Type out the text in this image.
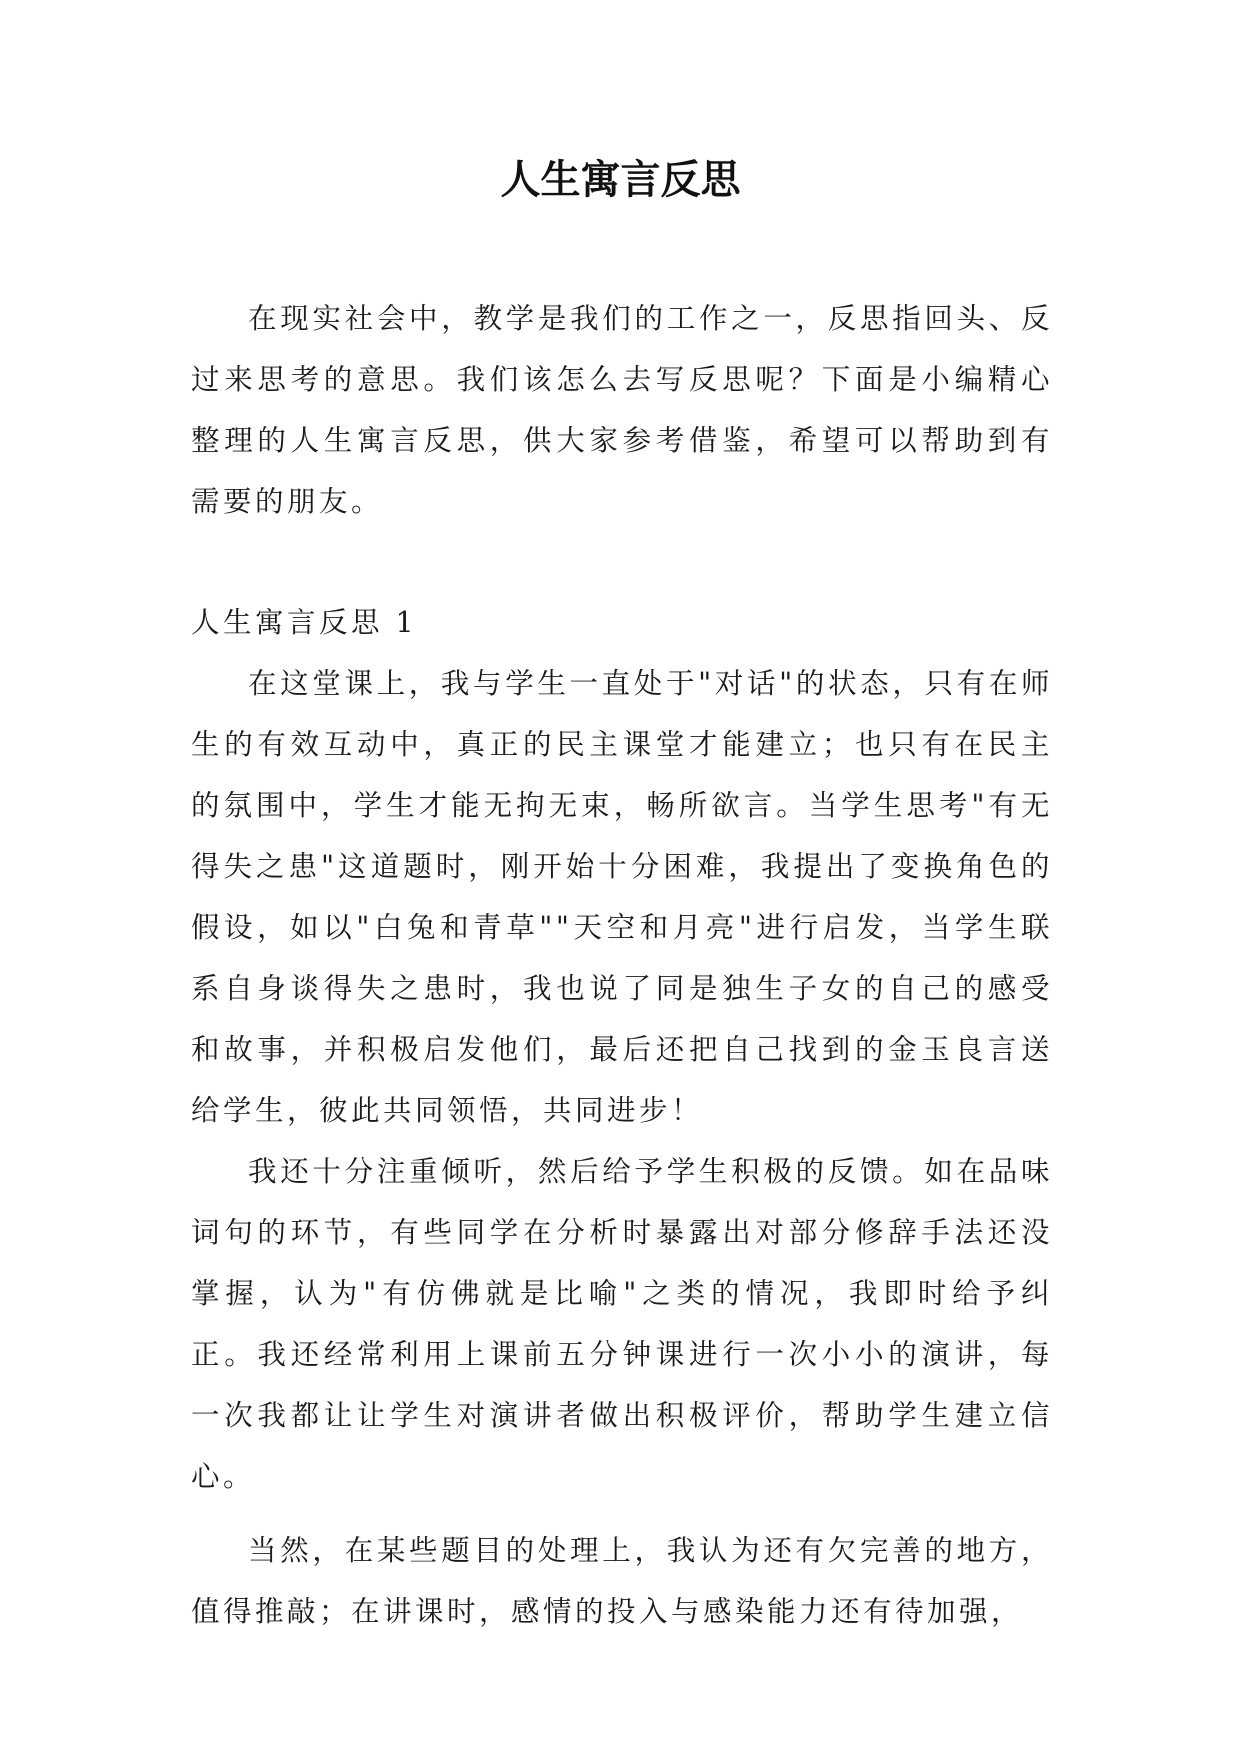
人生寓言反思

在现实社会中，教学是我们的工作之一，反思指回头、反过来思考的意思。我们该怎么去写反思呢？下面是小编精心整理的人生寓言反思，供大家参考借鉴，希望可以帮助到有需要的朋友。

人生寓言反思 1

在这堂课上，我与学生一直处于"对话"的状态，只有在师生的有效互动中，真正的民主课堂才能建立；也只有在民主的氛围中，学生才能无拘无束，畅所欲言。当学生思考"有无得失之患"这道题时，刚开始十分困难，我提出了变换角色的假设，如以"白兔和青草""天空和月亮"进行启发，当学生联系自身谈得失之患时，我也说了同是独生子女的自己的感受和故事，并积极启发他们，最后还把自己找到的金玉良言送给学生，彼此共同领悟，共同进步！

我还十分注重倾听，然后给予学生积极的反馈。如在品味词句的环节，有些同学在分析时暴露出对部分修辞手法还没掌握，认为"有仿佛就是比喻"之类的情况，我即时给予纠正。我还经常利用上课前五分钟课进行一次小小的演讲，每一次我都让让学生对演讲者做出积极评价，帮助学生建立信心。

当然，在某些题目的处理上，我认为还有欠完善的地方，值得推敲；在讲课时，感情的投入与感染能力还有待加强，
